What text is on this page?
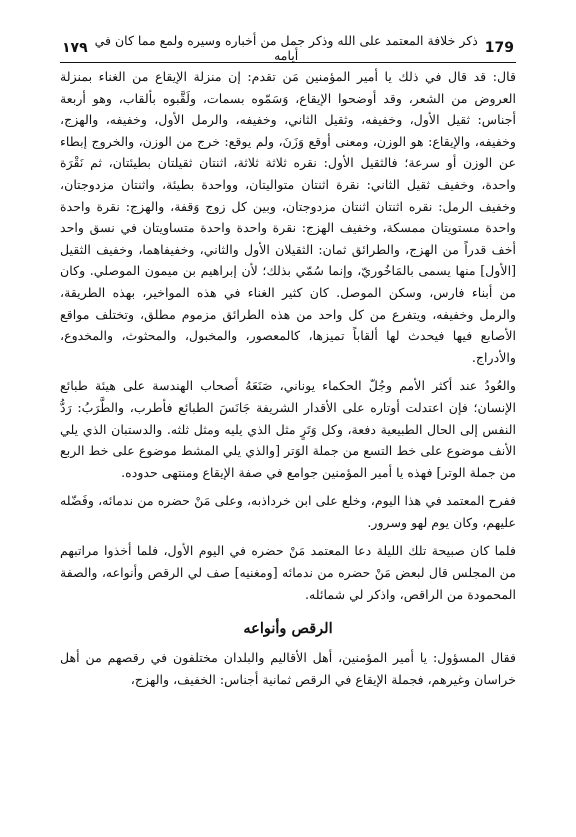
179
ذكر خلافة المعتمد على الله وذكر جمل من أخباره وسيره ولمع مما كان في أيامه
١٧٩

قال: قد قال في ذلك يا أمير المؤمنين مَن تقدم: إن منزلة الإيقاع من الغناء بمنزلة العروض من الشعر، وقد أوضحوا الإيقاع، وَسَمّوه بسمات، ولَقَّبوه بألقاب، وهو أربعة أجناس: ثقيل الأول، وخفيفه، وثقيل الثاني، وخفيفه، والرمل الأول، وخفيفه، والهزج، وخفيفه، والإيقاع: هو الوزن، ومعنى أوقع وَزَنَ، ولم يوقع: خرج من الوزن، والخروج إبطاء عن الوزن أو سرعة؛ فالثقيل الأول: نقره ثلاثة ثلاثة، اثنتان ثقيلتان بطيئتان، ثم نَقْرَة واحدة، وخفيف ثقيل الثاني: نقرة اثنتان متواليتان، وواحدة بطيئة، واثنتان مزدوجتان، وخفيف الرمل: نقره اثنتان اثنتان مزدوجتان، وبين كل زوج وَقفة، والهزج: نقرة واحدة واحدة مستويتان ممسكة، وخفيف الهزج: نقرة واحدة واحدة متساويتان في نسق واحد أخف قدراً من الهزج، والطرائق ثمان: الثقيلان الأول والثاني، وخفيفاهما، وخفيف الثقيل [الأول] منها يسمى بالمَاخُوريّ، وإنما سُمّي بذلك؛ لأن إبراهيم بن ميمون الموصلي. وكان من أبناء فارس، وسكن الموصل. كان كثير الغناء في هذه المواخير، بهذه الطريقة، والرمل وخفيفه، ويتفرع من كل واحد من هذه الطرائق مزموم مطلق، وتختلف مواقع الأصابع فيها فيحدث لها ألقاباً تميزها، كالمعصور، والمخبول، والمحثوث، والمخدوع، والأدراج.

والعُودُ عند أكثر الأمم وجُلّ الحكماء يوناني، صَنَعَهُ أصحاب الهندسة على هيئة طبائع الإنسان؛ فإن اعتدلت أوتاره على الأقدار الشريفة جَانَسَ الطبائع فأطرب، والطَّرَبُ: رَدُّ النفس إلى الحال الطبيعية دفعة، وكل وَتَرٍ مثل الذي يليه ومثل ثلثه. والدستبان الذي يلي الأنف موضوع على خط التسع من جملة الوَتر [والذي يلي المشط موضوع على خط الربع من جملة الوتر] فهذه يا أمير المؤمنين جوامع في صفة الإيقاع ومنتهى حدوده.

ففرح المعتمد في هذا اليوم، وخلع على ابن خرداذبه، وعلى مَنْ حضره من ندمائه، وفَضّله عليهم، وكان يوم لهو وسرور.

فلما كان صبيحة تلك الليلة دعا المعتمد مَنْ حضره في اليوم الأول، فلما أخذوا مراتبهم من المجلس قال لبعض مَنْ حضره من ندمائه [ومغنيه] صف لي الرقص وأنواعه، والصفة المحمودة من الراقص، واذكر لي شمائله.

الرقص وأنواعه

فقال المسؤول: يا أمير المؤمنين، أهل الأقاليم والبلدان مختلفون في رقصهم من أهل خراسان وغيرهم، فجملة الإيقاع في الرقص ثمانية أجناس: الخفيف، والهزج،
